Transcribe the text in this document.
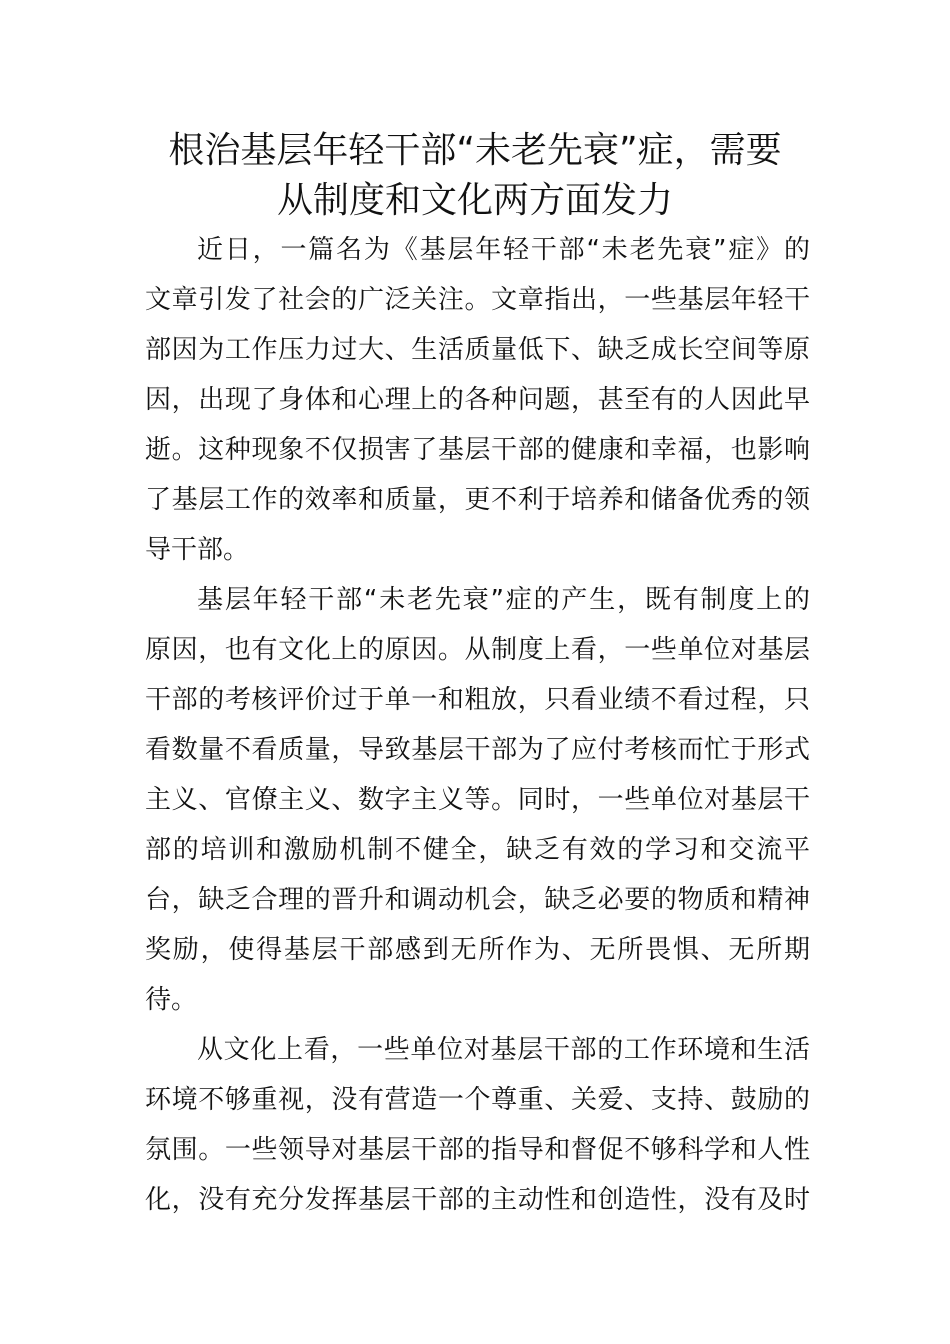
根治基层年轻干部“未老先衰”症，需要
从制度和文化两方面发力
近日，一篇名为《基层年轻干部“未老先衰”症》的
文章引发了社会的广泛关注。文章指出，一些基层年轻干
部因为工作压力过大、生活质量低下、缺乏成长空间等原
因，出现了身体和心理上的各种问题，甚至有的人因此早
逝。这种现象不仅损害了基层干部的健康和幸福，也影响
了基层工作的效率和质量，更不利于培养和储备优秀的领
导干部。
基层年轻干部“未老先衰”症的产生，既有制度上的
原因，也有文化上的原因。从制度上看，一些单位对基层
干部的考核评价过于单一和粗放，只看业绩不看过程，只
看数量不看质量，导致基层干部为了应付考核而忙于形式
主义、官僚主义、数字主义等。同时，一些单位对基层干
部的培训和激励机制不健全，缺乏有效的学习和交流平
台，缺乏合理的晋升和调动机会，缺乏必要的物质和精神
奖励，使得基层干部感到无所作为、无所畏惧、无所期
待。
从文化上看，一些单位对基层干部的工作环境和生活
环境不够重视，没有营造一个尊重、关爱、支持、鼓励的
氛围。一些领导对基层干部的指导和督促不够科学和人性
化，没有充分发挥基层干部的主动性和创造性，没有及时
